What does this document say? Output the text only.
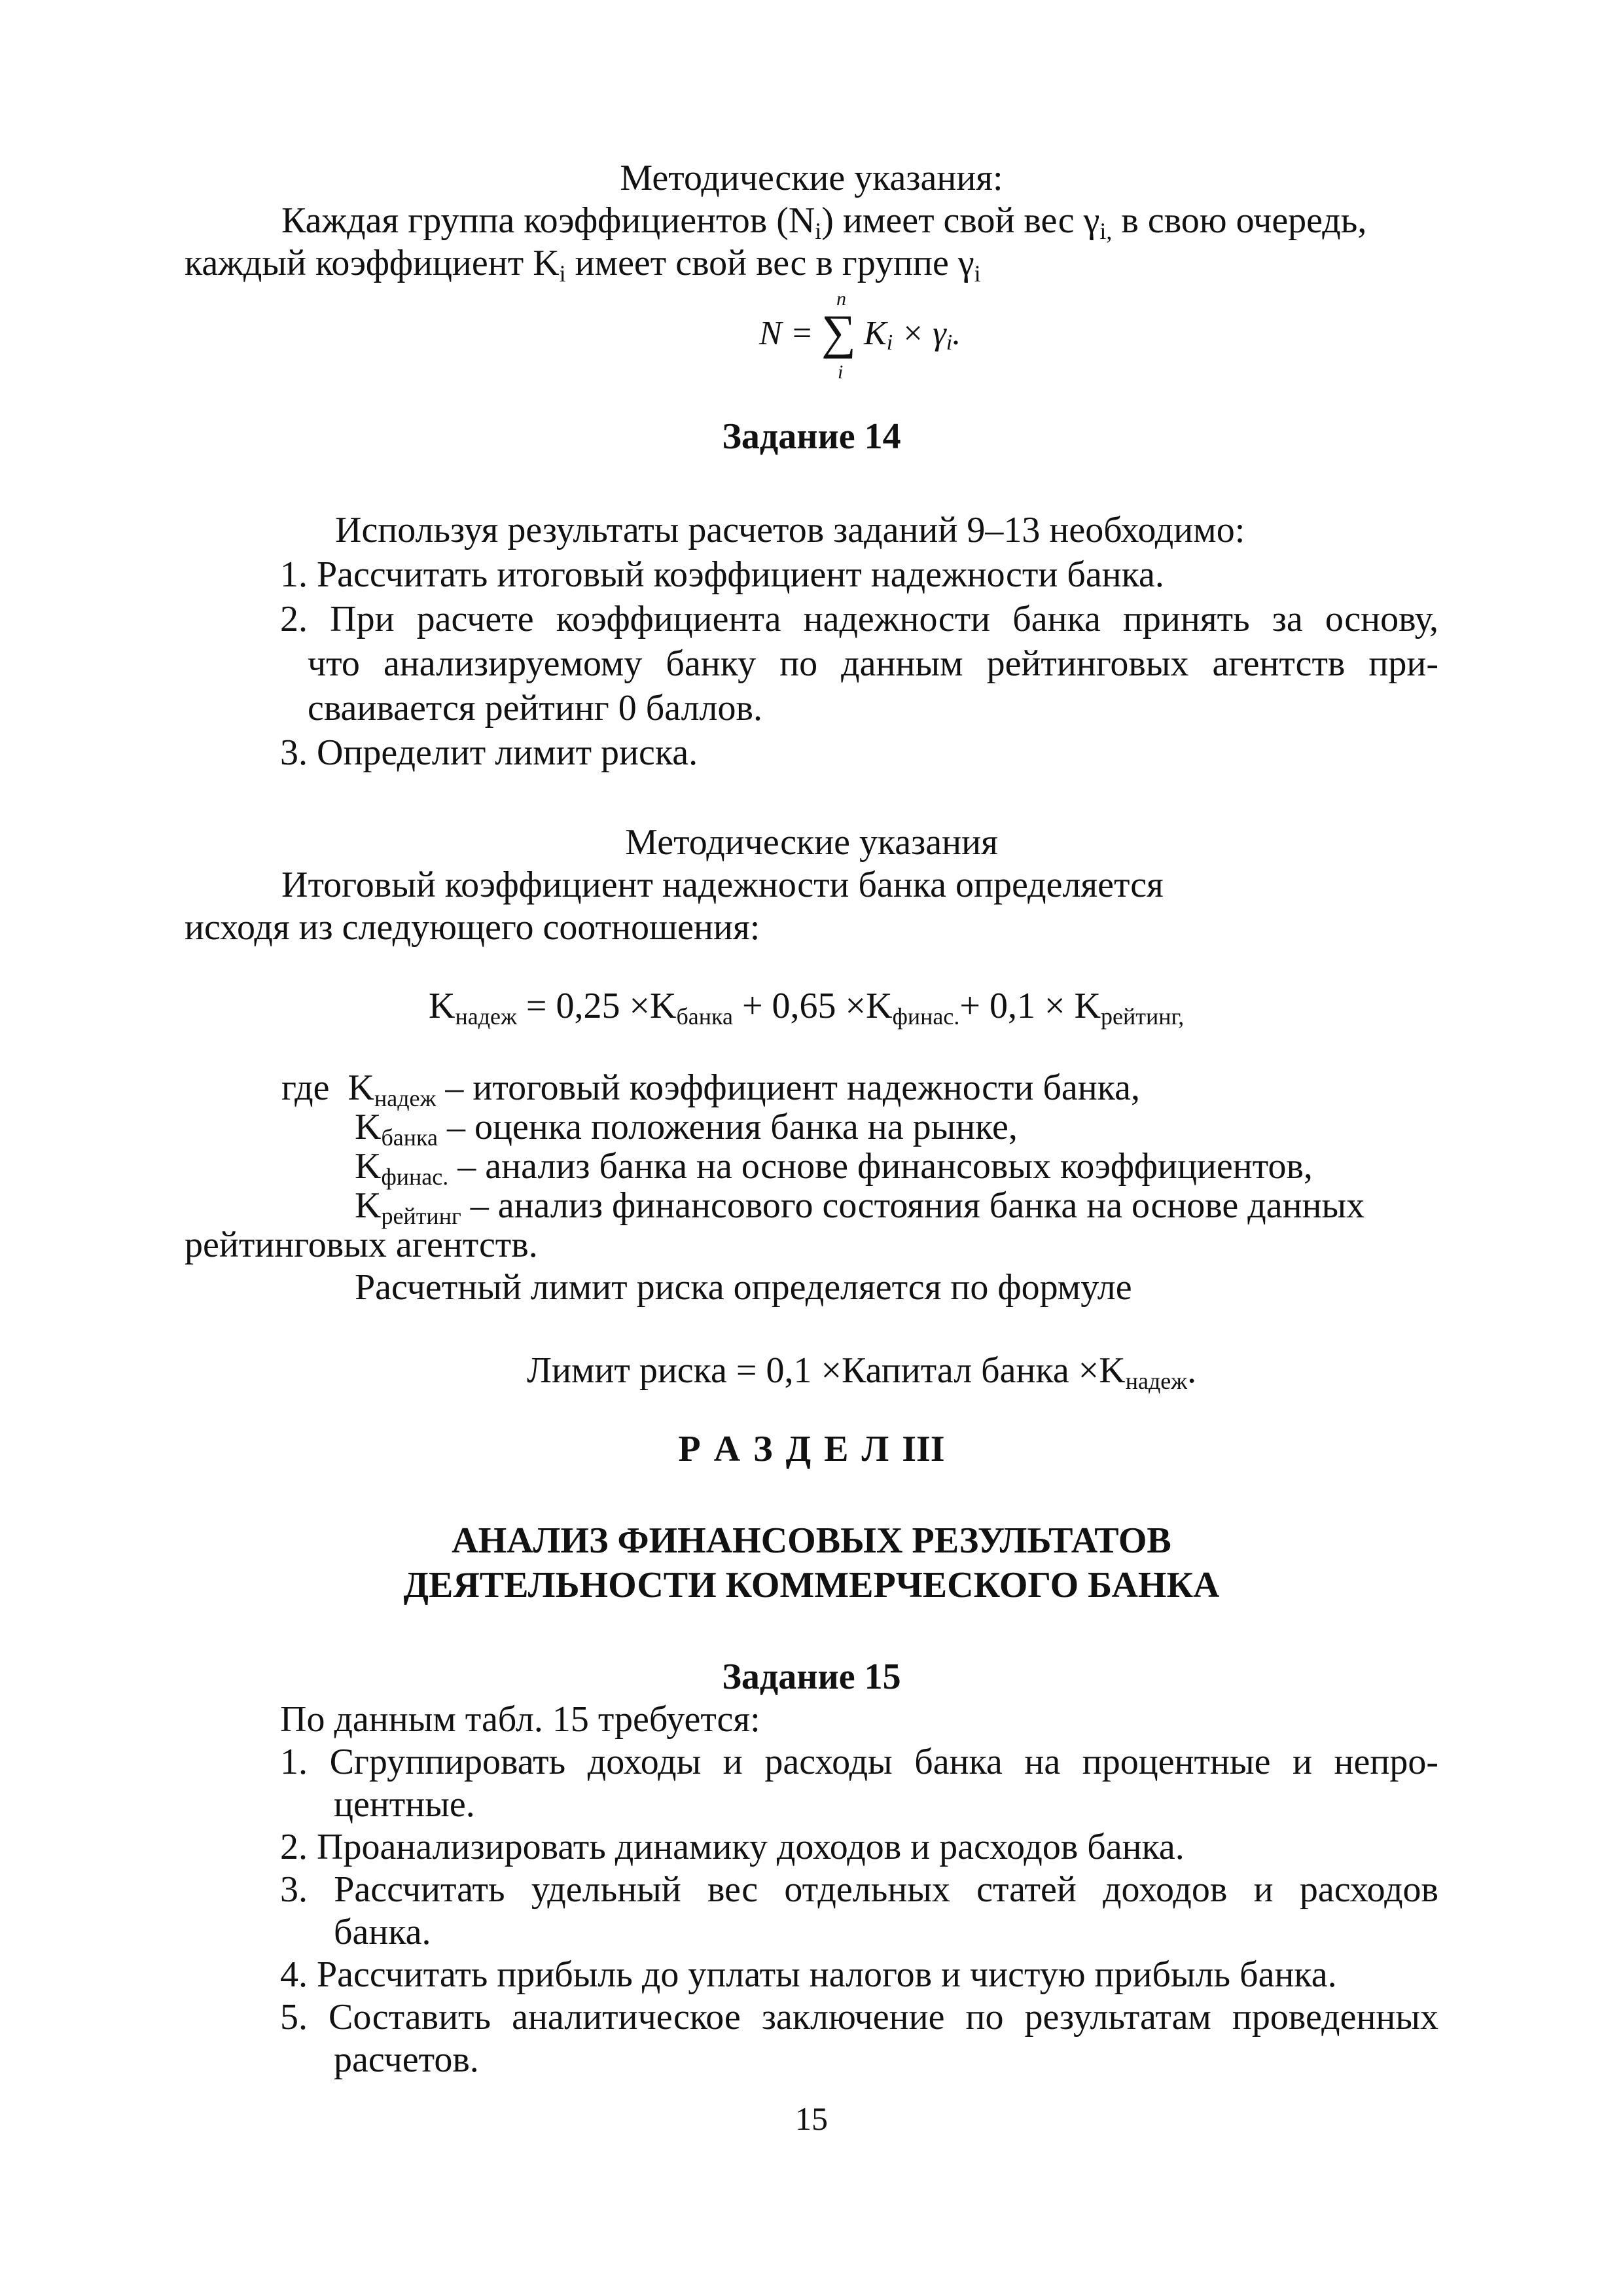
Методические указания:
Каждая группа коэффициентов $(N_i)$ имеет свой вес $\gamma_{i,}$ в свою очередь,
каждый коэффициент $K_i$ имеет свой вес в группе $\gamma_i$
N = ∑
n
i
Ki × γi.
Задание 14
Используя результаты расчетов заданий 9–13 необходимо:
1. Рассчитать итоговый коэффициент надежности банка.
2. При расчете коэффициента надежности банка принять за основу,
что анализируемому банку по данным рейтинговых агентств при-
сваивается рейтинг 0 баллов.
3. Определит лимит риска.
Методические указания
Итоговый коэффициент надежности банка определяется
исходя из следующего соотношения:
$K_{надеж} = 0,25 \times K_{банка} + 0,65 \times K_{финас.}+ 0,1 \times K_{рейтинг,}$
где $K_{надеж}$ – итоговый коэффициент надежности банка,
$K_{банка}$ – оценка положения банка на рынке,
$K_{финас.}$ – анализ банка на основе финансовых коэффициентов,
$K_{рейтинг}$ – анализ финансового состояния банка на основе данных
рейтинговых агентств.
Расчетный лимит риска определяется по формуле
Лимит риска = 0,1 ×Капитал банка $\times K_{надеж}$.
Р А З Д Е Л III
АНАЛИЗ ФИНАНСОВЫХ РЕЗУЛЬТАТОВ
ДЕЯТЕЛЬНОСТИ КОММЕРЧЕСКОГО БАНКА
Задание 15
По данным табл. 15 требуется:
1. Сгруппировать доходы и расходы банка на процентные и непро-
центные.
2. Проанализировать динамику доходов и расходов банка.
3. Рассчитать удельный вес отдельных статей доходов и расходов
банка.
4. Рассчитать прибыль до уплаты налогов и чистую прибыль банка.
5. Составить аналитическое заключение по результатам проведенных
расчетов.
15
